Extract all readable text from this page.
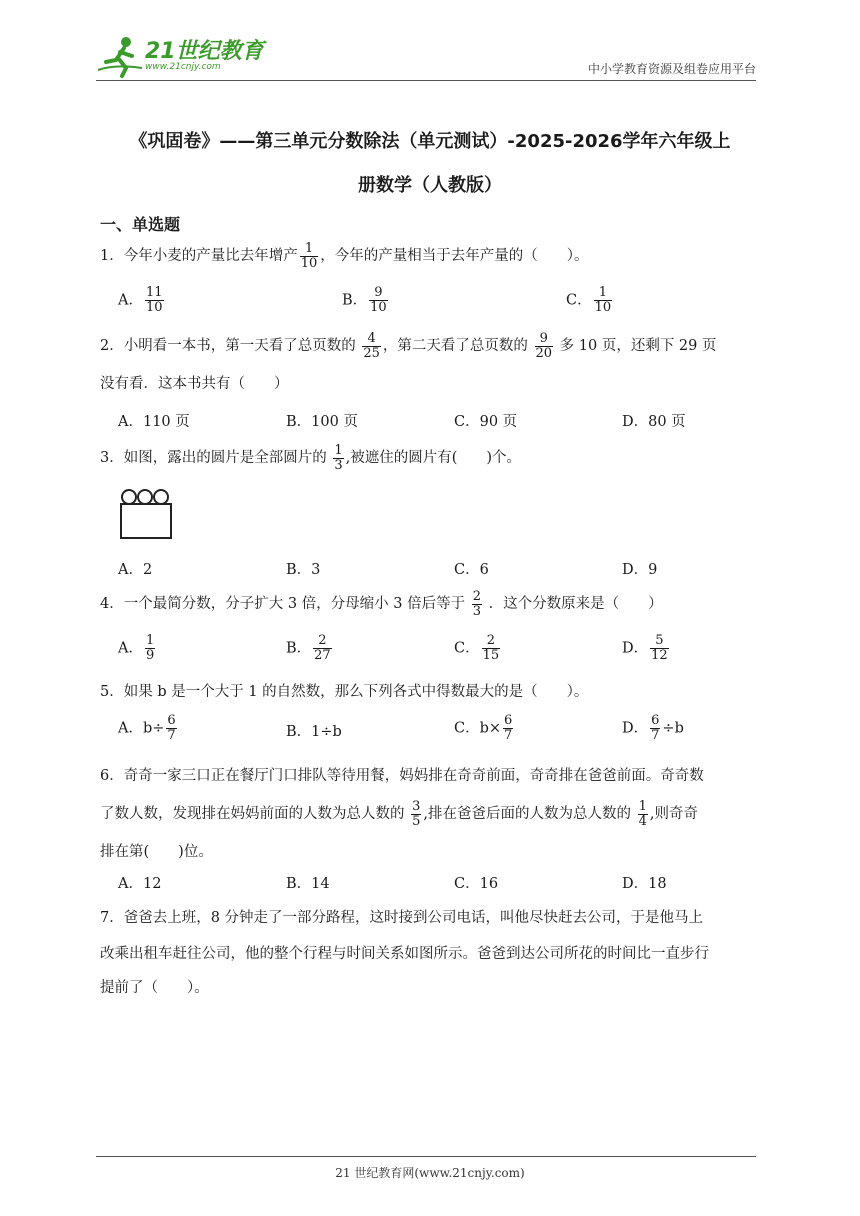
21世纪教育
www.21cnjy.com	中小学教育资源及组卷应用平台
《巩固卷》——第三单元分数除法（单元测试）-2025-2026学年六年级上
册数学（人教版）
一、单选题
1．今年小麦的产量比去年增产 $\frac{1}{10}$ ，今年的产量相当于去年产量的（　　）。
A． $\frac{11}{10}$	B． $\frac{9}{10}$	C． $\frac{1}{10}$
2．小明看一本书，第一天看了总页数的 $\frac{4}{25}$ ，第二天看了总页数的 $\frac{9}{20}$ 多 10 页，还剩下 29 页
没有看．这本书共有（　　）
A．110 页	B．100 页	C．90 页	D．80 页
3．如图，露出的圆片是全部圆片的 $\frac{1}{3}$ ,被遮住的圆片有(　　)个。
A．2	B．3	C．6	D．9
4．一个最简分数，分子扩大 3 倍，分母缩小 3 倍后等于 $\frac{2}{3}$ ．这个分数原来是（　　）
A． $\frac{1}{9}$	B． $\frac{2}{27}$	C． $\frac{2}{15}$	D． $\frac{5}{12}$
5．如果 b 是一个大于 1 的自然数，那么下列各式中得数最大的是（　　）。
A．$b\div \frac{6}{7}$	B．1÷b	C．$b\times \frac{6}{7}$	D． $\frac{6}{7} \div b$
6．奇奇一家三口正在餐厅门口排队等待用餐，妈妈排在奇奇前面，奇奇排在爸爸前面。奇奇数
了数人数，发现排在妈妈前面的人数为总人数的 $\frac{3}{5}$ ,排在爸爸后面的人数为总人数的 $\frac{1}{4}$ ,则奇奇
排在第(　　)位。
A．12	B．14	C．16	D．18
7．爸爸去上班，8 分钟走了一部分路程，这时接到公司电话，叫他尽快赶去公司，于是他马上
改乘出租车赶往公司，他的整个行程与时间关系如图所示。爸爸到达公司所花的时间比一直步行
提前了（　　）。
21 世纪教育网(www.21cnjy.com)
